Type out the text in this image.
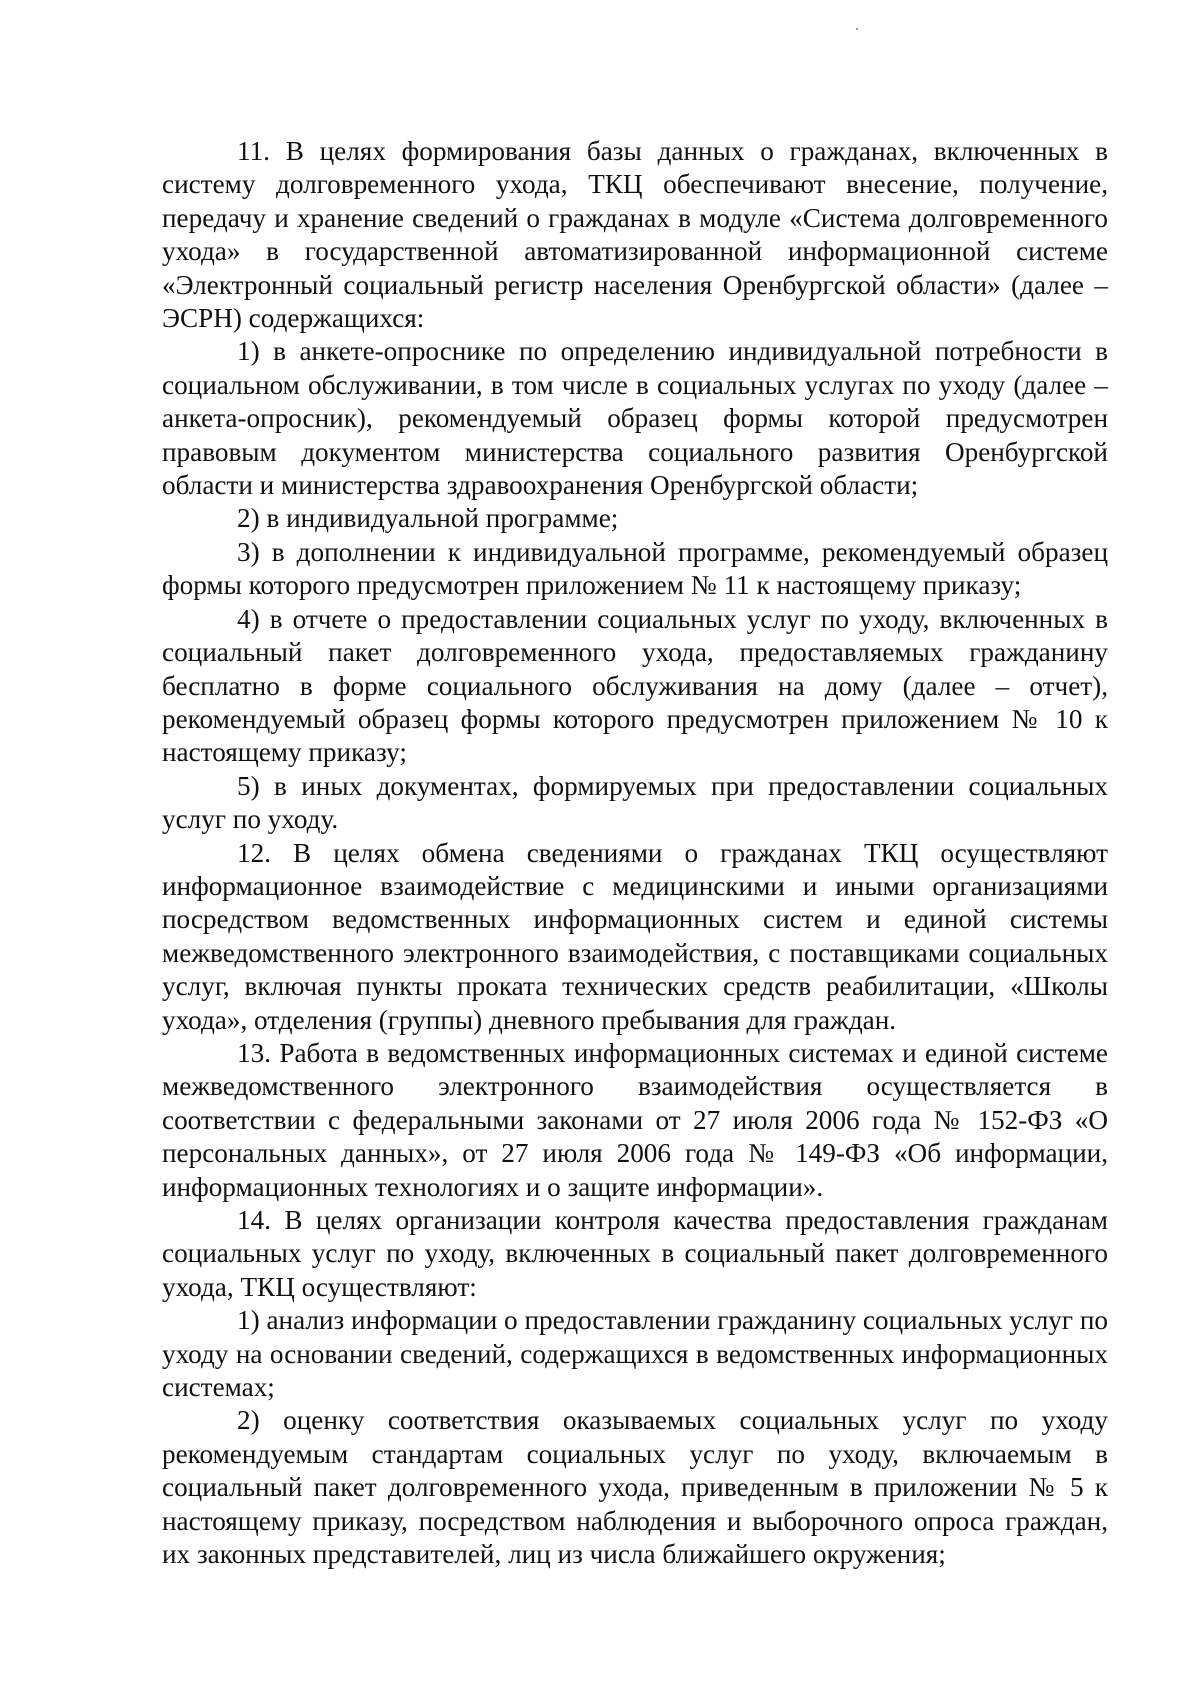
11. В целях формирования базы данных о гражданах, включенных в систему долговременного ухода, ТКЦ обеспечивают внесение, получение, передачу и хранение сведений о гражданах в модуле «Система долговременного ухода» в государственной автоматизированной информационной системе «Электронный социальный регистр населения Оренбургской области» (далее – ЭСРН) содержащихся:

1) в анкете-опроснике по определению индивидуальной потребности в социальном обслуживании, в том числе в социальных услугах по уходу (далее – анкета-опросник), рекомендуемый образец формы которой предусмотрен правовым документом министерства социального развития Оренбургской области и министерства здравоохранения Оренбургской области;

2) в индивидуальной программе;

3) в дополнении к индивидуальной программе, рекомендуемый образец формы которого предусмотрен приложением № 11 к настоящему приказу;

4) в отчете о предоставлении социальных услуг по уходу, включенных в социальный пакет долговременного ухода, предоставляемых гражданину бесплатно в форме социального обслуживания на дому (далее – отчет), рекомендуемый образец формы которого предусмотрен приложением № 10 к настоящему приказу;

5) в иных документах, формируемых при предоставлении социальных услуг по уходу.

12. В целях обмена сведениями о гражданах ТКЦ осуществляют информационное взаимодействие с медицинскими и иными организациями посредством ведомственных информационных систем и единой системы межведомственного электронного взаимодействия, с поставщиками социальных услуг, включая пункты проката технических средств реабилитации, «Школы ухода», отделения (группы) дневного пребывания для граждан.

13. Работа в ведомственных информационных системах и единой системе межведомственного электронного взаимодействия осуществляется в соответствии с федеральными законами от 27 июля 2006 года № 152-ФЗ «О персональных данных», от 27 июля 2006 года № 149-ФЗ «Об информации, информационных технологиях и о защите информации».

14. В целях организации контроля качества предоставления гражданам социальных услуг по уходу, включенных в социальный пакет долговременного ухода, ТКЦ осуществляют:

1) анализ информации о предоставлении гражданину социальных услуг по уходу на основании сведений, содержащихся в ведомственных информационных системах;

2) оценку соответствия оказываемых социальных услуг по уходу рекомендуемым стандартам социальных услуг по уходу, включаемым в социальный пакет долговременного ухода, приведенным в приложении № 5 к настоящему приказу, посредством наблюдения и выборочного опроса граждан, их законных представителей, лиц из числа ближайшего окружения;
